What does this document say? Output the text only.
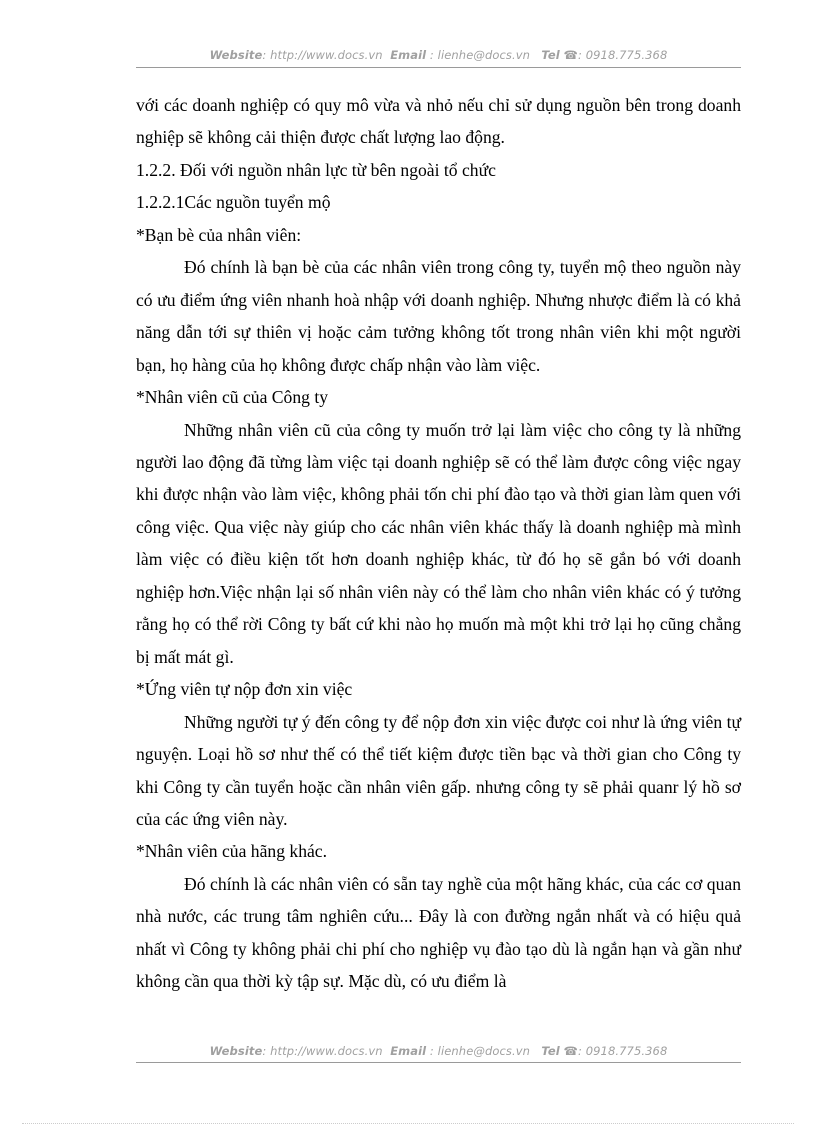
Website: http://www.docs.vn Email : lienhe@docs.vn Tel ☎: 0918.775.368

với các doanh nghiệp có quy mô vừa và nhỏ nếu chỉ sử dụng nguồn bên trong doanh nghiệp sẽ không cải thiện được chất lượng lao động.

1.2.2. Đối với nguồn nhân lực từ bên ngoài tổ chức

1.2.2.1Các nguồn tuyển mộ

*Bạn bè của nhân viên:

Đó chính là bạn bè của các nhân viên trong công ty, tuyển mộ theo nguồn này có ưu điểm ứng viên nhanh hoà nhập với doanh nghiệp. Nhưng nhược điểm là có khả năng dẫn tới sự thiên vị hoặc cảm tưởng không tốt trong nhân viên khi một người bạn, họ hàng của họ không được chấp nhận vào làm việc.

*Nhân viên cũ của Công ty

Những nhân viên cũ của công ty muốn trở lại làm việc cho công ty là những người lao động đã từng làm việc tại doanh nghiệp sẽ có thể làm được công việc ngay khi được nhận vào làm việc, không phải tốn chi phí đào tạo và thời gian làm quen với công việc. Qua việc này giúp cho các nhân viên khác thấy là doanh nghiệp mà mình làm việc có điều kiện tốt hơn doanh nghiệp khác, từ đó họ sẽ gắn bó với doanh nghiệp hơn.Việc nhận lại số nhân viên này có thể làm cho nhân viên khác có ý tưởng rằng họ có thể rời Công ty bất cứ khi nào họ muốn mà một khi trở lại họ cũng chẳng bị mất mát gì.

*Ứng viên tự nộp đơn xin việc

Những người tự ý đến công ty để nộp đơn xin việc được coi như là ứng viên tự nguyện. Loại hồ sơ như thế có thể tiết kiệm được tiền bạc và thời gian cho Công ty khi Công ty cần tuyển hoặc cần nhân viên gấp. nhưng công ty sẽ phải quanr lý hồ sơ của các ứng viên này.

*Nhân viên của hãng khác.

Đó chính là các nhân viên có sẵn tay nghề của một hãng khác, của các cơ quan nhà nước, các trung tâm nghiên cứu... Đây là con đường ngắn nhất và có hiệu quả nhất vì Công ty không phải chi phí cho nghiệp vụ đào tạo dù là ngắn hạn và gần như không cần qua thời kỳ tập sự. Mặc dù, có ưu điểm là

Website: http://www.docs.vn Email : lienhe@docs.vn Tel ☎: 0918.775.368
